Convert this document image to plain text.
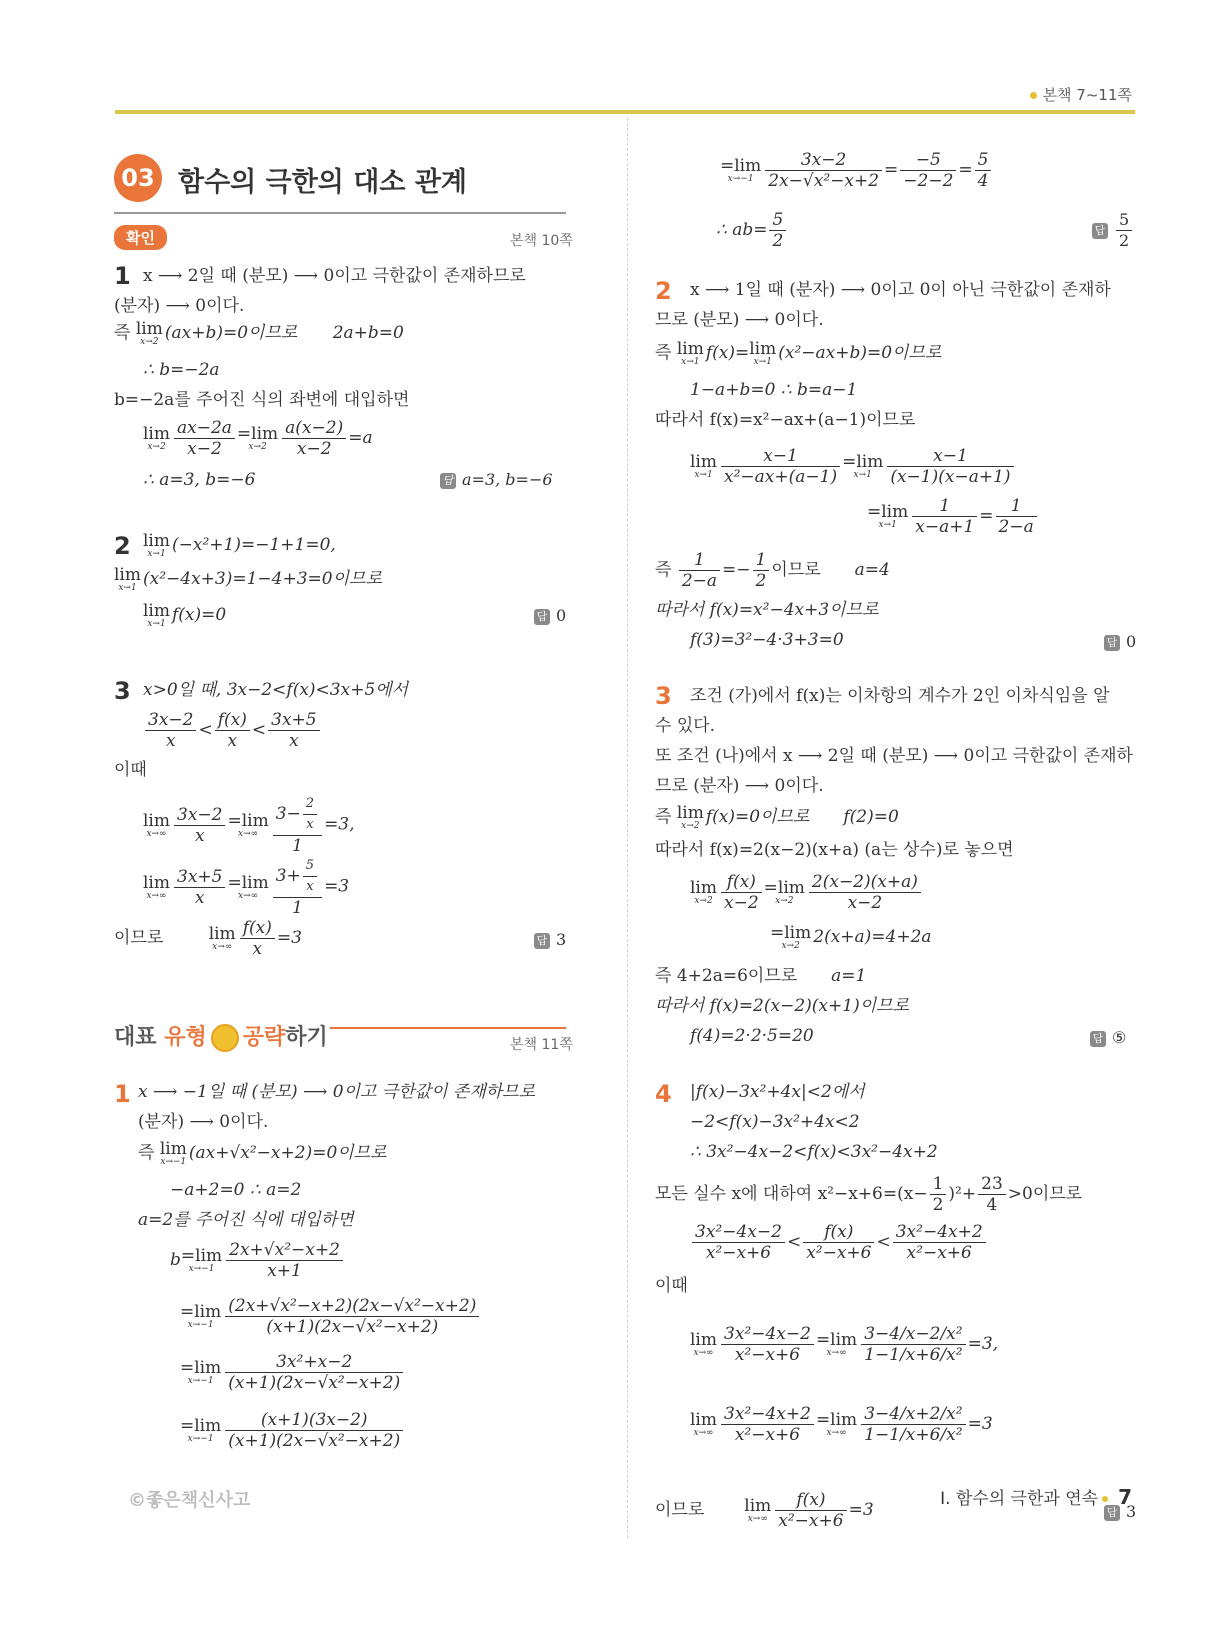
본책 7~11쪽
03 함수의 극한의 대소 관계
확인	본책 10쪽
1 x ⟶ 2일 때 (분모) ⟶ 0이고 극한값이 존재하므로
(분자) ⟶ 0이다.
즉 lim
x→2 (ax+b)=0이므로 2a+b=0
∴ b=−2a
b=−2a를 주어진 식의 좌변에 대입하면
lim
$x\to 2 \frac{ax-2a}{x-2} =\lim$
$x\to 2 \frac{a(x-2)}{x-2} =a$
∴ a=3, b=−6	답 a=3, b=−6
2 lim
x→1 (−x²+1)=−1+1=0,
lim
x→1 (x²−4x+3)=1−4+3=0이므로
lim
x→1 f(x)=0	답 0
3 x>0일 때, 3x−2<f(x)<3x+5에서
$\frac{3x-2}{x} < \frac{f(x)}{x} < \frac{3x+5}{x}$
이때
lim
$x\to\infty \frac{3x-2}{x} =\lim$
$x\to\infty \frac{3- \frac{2}{x}}{1} =3$,
lim
$x\to\infty \frac{3x+5}{x} =\lim$
$x\to\infty \frac{3+ \frac{5}{x}}{1} =3$
이므로	lim
$x\to\infty \frac{f(x)}{x} =3$	답 3
대표 유형 공략하기	본책 11쪽
1 x ⟶ −1일 때 (분모) ⟶ 0이고 극한값이 존재하므로
(분자) ⟶ 0이다.
즉 lim
x→−1 (ax+√x²−x+2)=0이므로
−a+2=0 ∴ a=2
a=2를 주어진 식에 대입하면
b =lim
$x\to-1 \frac{\text{2x+√x²−x+2}}{x+1}$
=lim
$x\to-1 \frac{\text{(2x+√x²−x+2)(2x−√x²−x+2)}}{\text{(x+1)(2x−√x²−x+2)}}$
=lim
$x\to-1 \frac{\text{3x²+x−2}}{\text{(x+1)(2x−√x²−x+2)}}$
=lim
$x\to-1 \frac{(x+1)(3x-2)}{\text{(x+1)(2x−√x²−x+2)}}$
=lim
$x\to-1 \frac{3x-2}{\text{2x−√x²−x+2}} = \frac{-5}{-2-2} = \frac{5}{4}$
∴ $ab= \frac{5}{2}$	답 $\frac{5}{2}$
2 x ⟶ 1일 때 (분자) ⟶ 0이고 0이 아닌 극한값이 존재하
므로 (분모) ⟶ 0이다.
즉 lim
x→1 f(x)= lim
x→1 (x²−ax+b)=0이므로
1−a+b=0 ∴ b=a−1
따라서 f(x)=x²−ax+(a−1)이므로
lim
$x\to 1 \frac{x-1}{\text{x²−ax+(a−1)}} =\lim$
$x\to 1 \frac{x-1}{(x-1)(x-a+1)}$
=lim
$x\to 1 \frac{1}{x-a+1} = \frac{1}{2-a}$
즉 $\frac{1}{2-a} =- \frac{1}{2}$ 이므로 a=4
따라서 f(x)=x²−4x+3이므로
f(3)=3²−4·3+3=0	답 0
3 조건 (가)에서 f(x)는 이차항의 계수가 2인 이차식임을 알
수 있다.
또 조건 (나)에서 x ⟶ 2일 때 (분모) ⟶ 0이고 극한값이 존재하
므로 (분자) ⟶ 0이다.
즉 lim
x→2 f(x)=0이므로 f(2)=0
따라서 f(x)=2(x−2)(x+a) (a는 상수)로 놓으면
lim
$x\to 2 \frac{f(x)}{x-2} =\lim$
$x\to 2 \frac{2(x-2)(x+a)}{x-2}$
=lim
x→2 2(x+a)=4+2a
즉 4+2a=6이므로 a=1
따라서 f(x)=2(x−2)(x+1)이므로
f(4)=2·2·5=20	답 ⑤
4 |f(x)−3x²+4x|<2에서
−2<f(x)−3x²+4x<2
∴ 3x²−4x−2<f(x)<3x²−4x+2
모든 실수 x에 대하여 $x^2-x+6=(x- \frac{1}{2} )^2+ \frac{23}{4} >0$이므로
$\frac{\text{3x²−4x−2}}{\text{x²−x+6}} < \frac{f(x)}{\text{x²−x+6}} < \frac{\text{3x²−4x+2}}{\text{x²−x+6}}$
이때
lim
$x\to\infty \frac{\text{3x²−4x−2}}{\text{x²−x+6}} =\lim$
$x\to\infty \frac{\text{3−4/x−2/x²}}{\text{1−1/x+6/x²}} =3$,
lim
$x\to\infty \frac{\text{3x²−4x+2}}{\text{x²−x+6}} =\lim$
$x\to\infty \frac{\text{3−4/x+2/x²}}{\text{1−1/x+6/x²}} =3$
이므로 lim
$x\to\infty \frac{f(x)}{\text{x²−x+6}} =3$	답 3
©좋은책신사고	I. 함수의 극한과 연속 7
